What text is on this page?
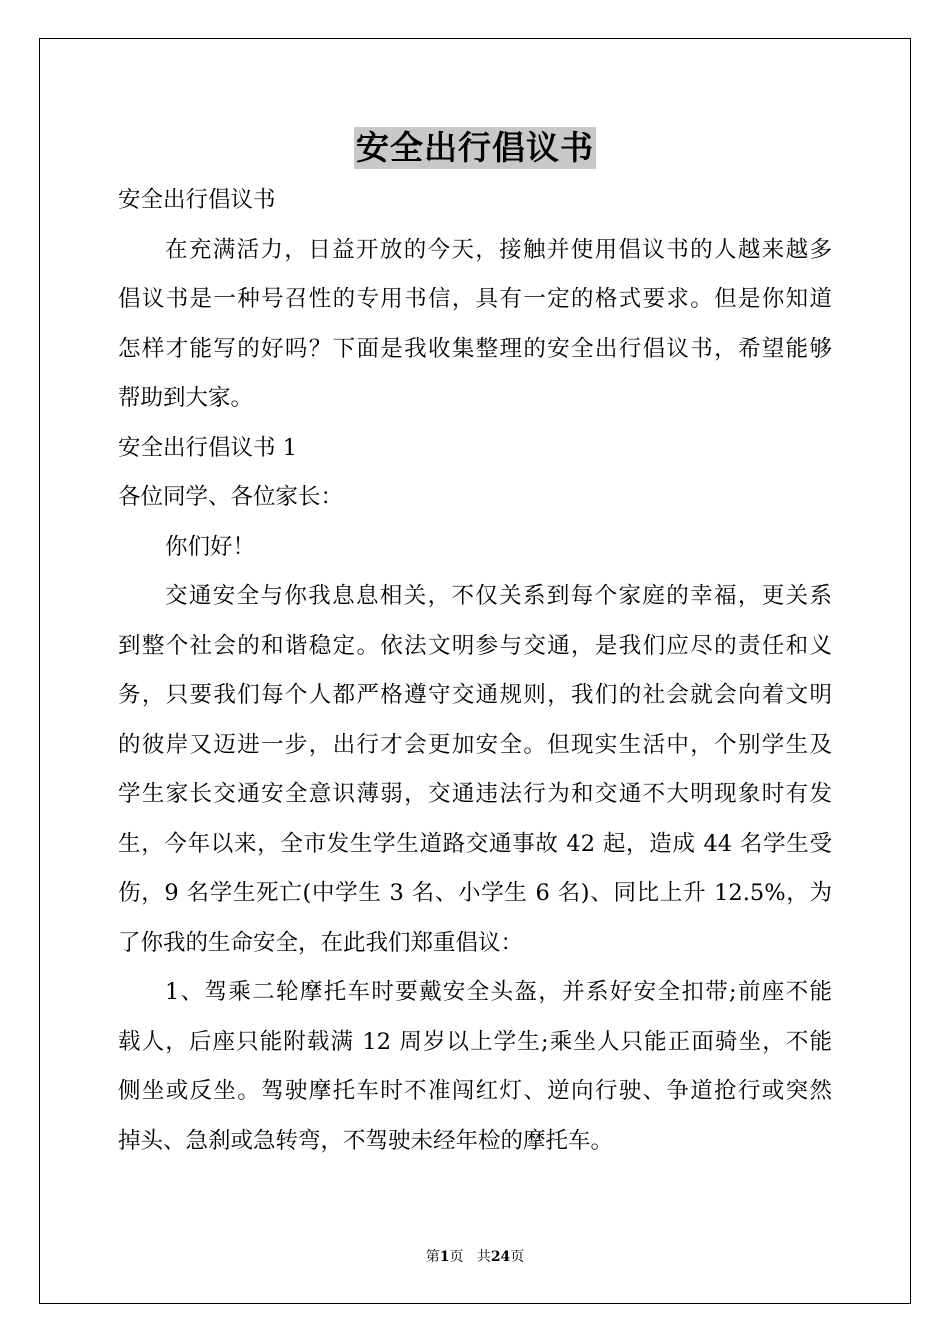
安全出行倡议书
安全出行倡议书
在充满活力，日益开放的今天，接触并使用倡议书的人越来越多
倡议书是一种号召性的专用书信，具有一定的格式要求。但是你知道
怎样才能写的好吗？下面是我收集整理的安全出行倡议书，希望能够
帮助到大家。
安全出行倡议书 1
各位同学、各位家长：
你们好！
交通安全与你我息息相关，不仅关系到每个家庭的幸福，更关系
到整个社会的和谐稳定。依法文明参与交通，是我们应尽的责任和义
务，只要我们每个人都严格遵守交通规则，我们的社会就会向着文明
的彼岸又迈进一步，出行才会更加安全。但现实生活中，个别学生及
学生家长交通安全意识薄弱，交通违法行为和交通不大明现象时有发
生，今年以来，全市发生学生道路交通事故 42 起，造成 44 名学生受
伤，9 名学生死亡(中学生 3 名、小学生 6 名)、同比上升 12.5%，为
了你我的生命安全，在此我们郑重倡议：
1、驾乘二轮摩托车时要戴安全头盔，并系好安全扣带;前座不能
载人，后座只能附载满 12 周岁以上学生;乘坐人只能正面骑坐，不能
侧坐或反坐。驾驶摩托车时不准闯红灯、逆向行驶、争道抢行或突然
掉头、急刹或急转弯，不驾驶未经年检的摩托车。
第1页 共24页
